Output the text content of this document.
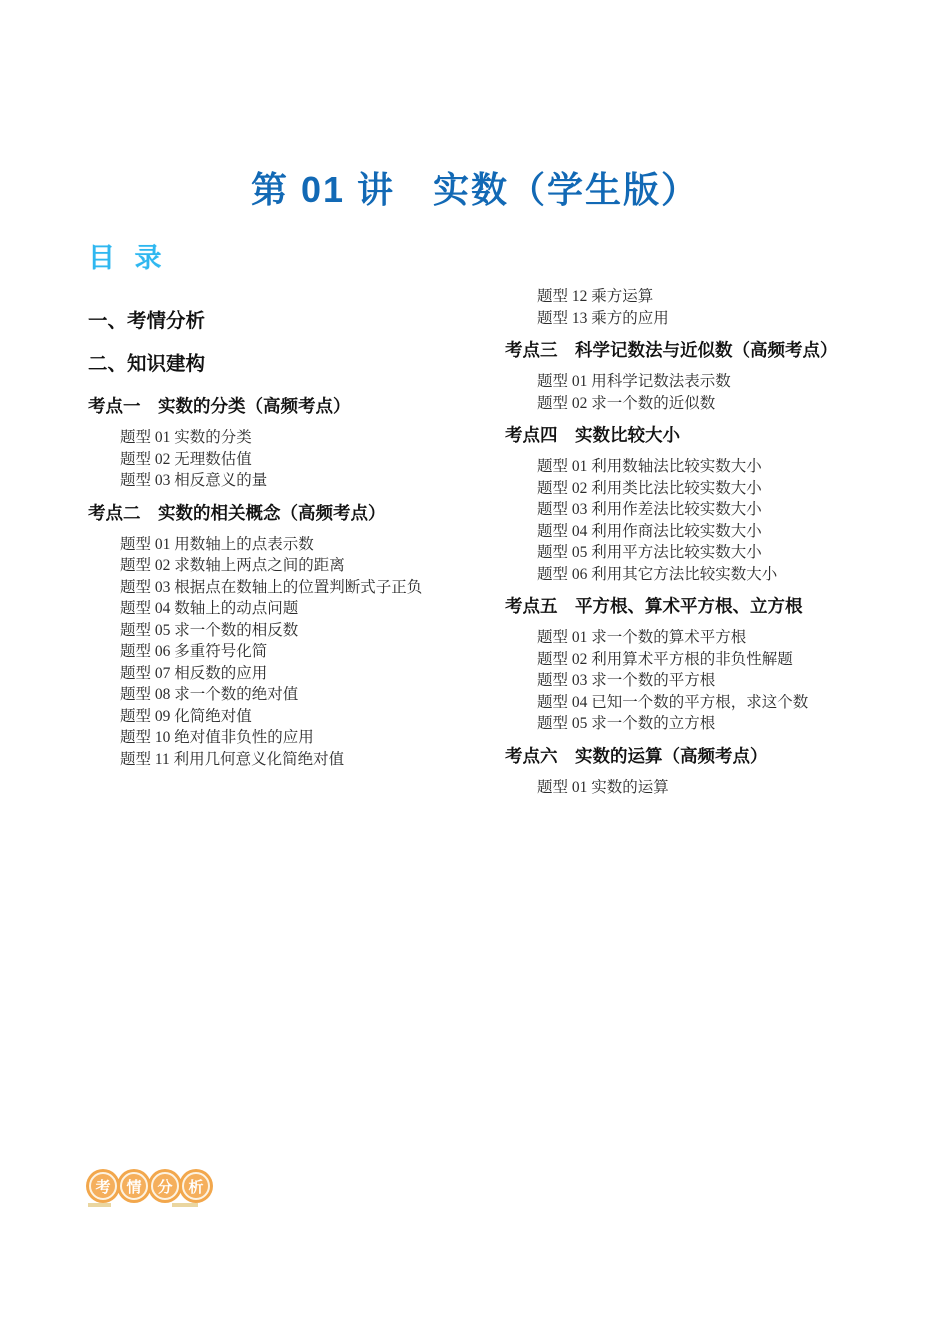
第 01 讲　实数（学生版）
目 录
一、考情分析
二、知识建构
考点一　实数的分类（高频考点）
题型 01 实数的分类
题型 02 无理数估值
题型 03 相反意义的量
考点二　实数的相关概念（高频考点）
题型 01 用数轴上的点表示数
题型 02 求数轴上两点之间的距离
题型 03 根据点在数轴上的位置判断式子正负
题型 04 数轴上的动点问题
题型 05 求一个数的相反数
题型 06 多重符号化简
题型 07 相反数的应用
题型 08 求一个数的绝对值
题型 09 化简绝对值
题型 10 绝对值非负性的应用
题型 11 利用几何意义化简绝对值
题型 12 乘方运算
题型 13 乘方的应用
考点三　科学记数法与近似数（高频考点）
题型 01 用科学记数法表示数
题型 02 求一个数的近似数
考点四　实数比较大小
题型 01 利用数轴法比较实数大小
题型 02 利用类比法比较实数大小
题型 03 利用作差法比较实数大小
题型 04 利用作商法比较实数大小
题型 05 利用平方法比较实数大小
题型 06 利用其它方法比较实数大小
考点五　平方根、算术平方根、立方根
题型 01 求一个数的算术平方根
题型 02 利用算术平方根的非负性解题
题型 03 求一个数的平方根
题型 04 已知一个数的平方根，求这个数
题型 05 求一个数的立方根
考点六　实数的运算（高频考点）
题型 01 实数的运算
考	情	分	析
